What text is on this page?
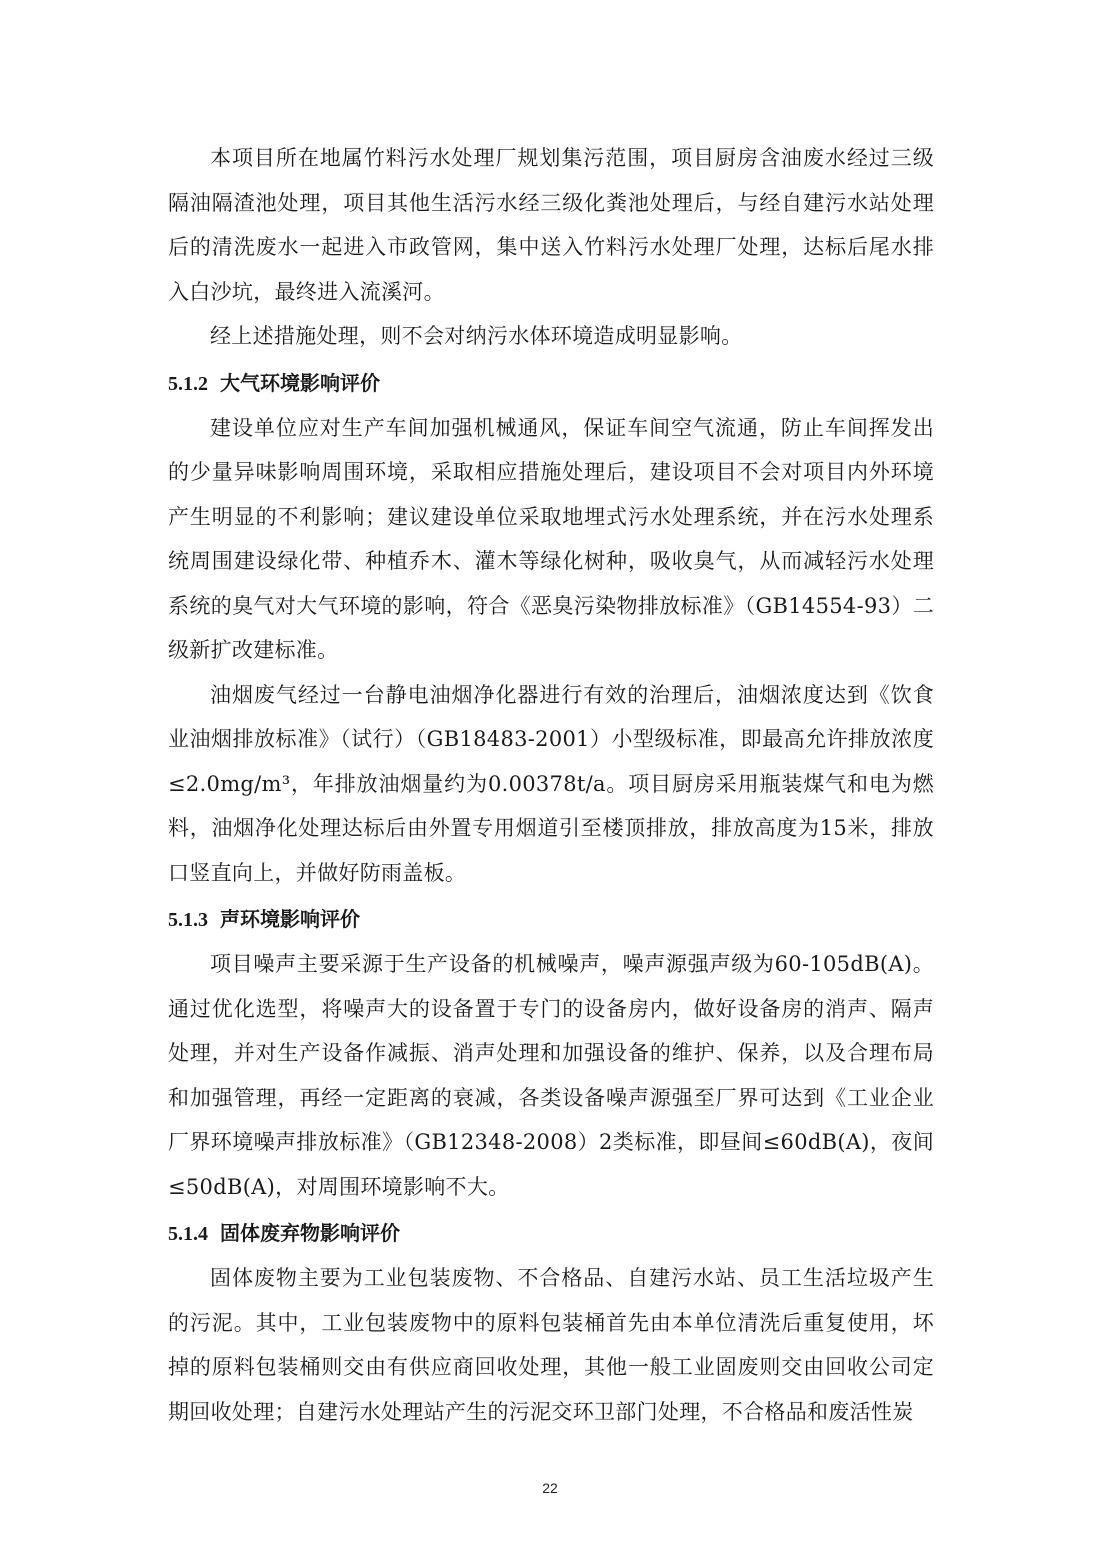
本项目所在地属竹料污水处理厂规划集污范围，项目厨房含油废水经过三级隔油隔渣池处理，项目其他生活污水经三级化粪池处理后，与经自建污水站处理后的清洗废水一起进入市政管网，集中送入竹料污水处理厂处理，达标后尾水排入白沙坑，最终进入流溪河。

经上述措施处理，则不会对纳污水体环境造成明显影响。

5.1.2 大气环境影响评价

建设单位应对生产车间加强机械通风，保证车间空气流通，防止车间挥发出的少量异味影响周围环境，采取相应措施处理后，建设项目不会对项目内外环境产生明显的不利影响；建议建设单位采取地埋式污水处理系统，并在污水处理系统周围建设绿化带、种植乔木、灌木等绿化树种，吸收臭气，从而减轻污水处理系统的臭气对大气环境的影响，符合《恶臭污染物排放标准》（GB14554-93）二级新扩改建标准。

油烟废气经过一台静电油烟净化器进行有效的治理后，油烟浓度达到《饮食业油烟排放标准》（试行）（GB18483-2001）小型级标准，即最高允许排放浓度≤2.0mg/m³，年排放油烟量约为0.00378t/a。项目厨房采用瓶装煤气和电为燃料，油烟净化处理达标后由外置专用烟道引至楼顶排放，排放高度为15米，排放口竖直向上，并做好防雨盖板。

5.1.3 声环境影响评价

项目噪声主要采源于生产设备的机械噪声，噪声源强声级为60-105dB(A)。通过优化选型，将噪声大的设备置于专门的设备房内，做好设备房的消声、隔声处理，并对生产设备作减振、消声处理和加强设备的维护、保养，以及合理布局和加强管理，再经一定距离的衰减，各类设备噪声源强至厂界可达到《工业企业厂界环境噪声排放标准》（GB12348-2008）2类标准，即昼间≤60dB(A)，夜间≤50dB(A)，对周围环境影响不大。

5.1.4 固体废弃物影响评价

固体废物主要为工业包装废物、不合格品、自建污水站、员工生活垃圾产生的污泥。其中，工业包装废物中的原料包装桶首先由本单位清洗后重复使用，坏掉的原料包装桶则交由有供应商回收处理，其他一般工业固废则交由回收公司定期回收处理；自建污水处理站产生的污泥交环卫部门处理，不合格品和废活性炭

22
